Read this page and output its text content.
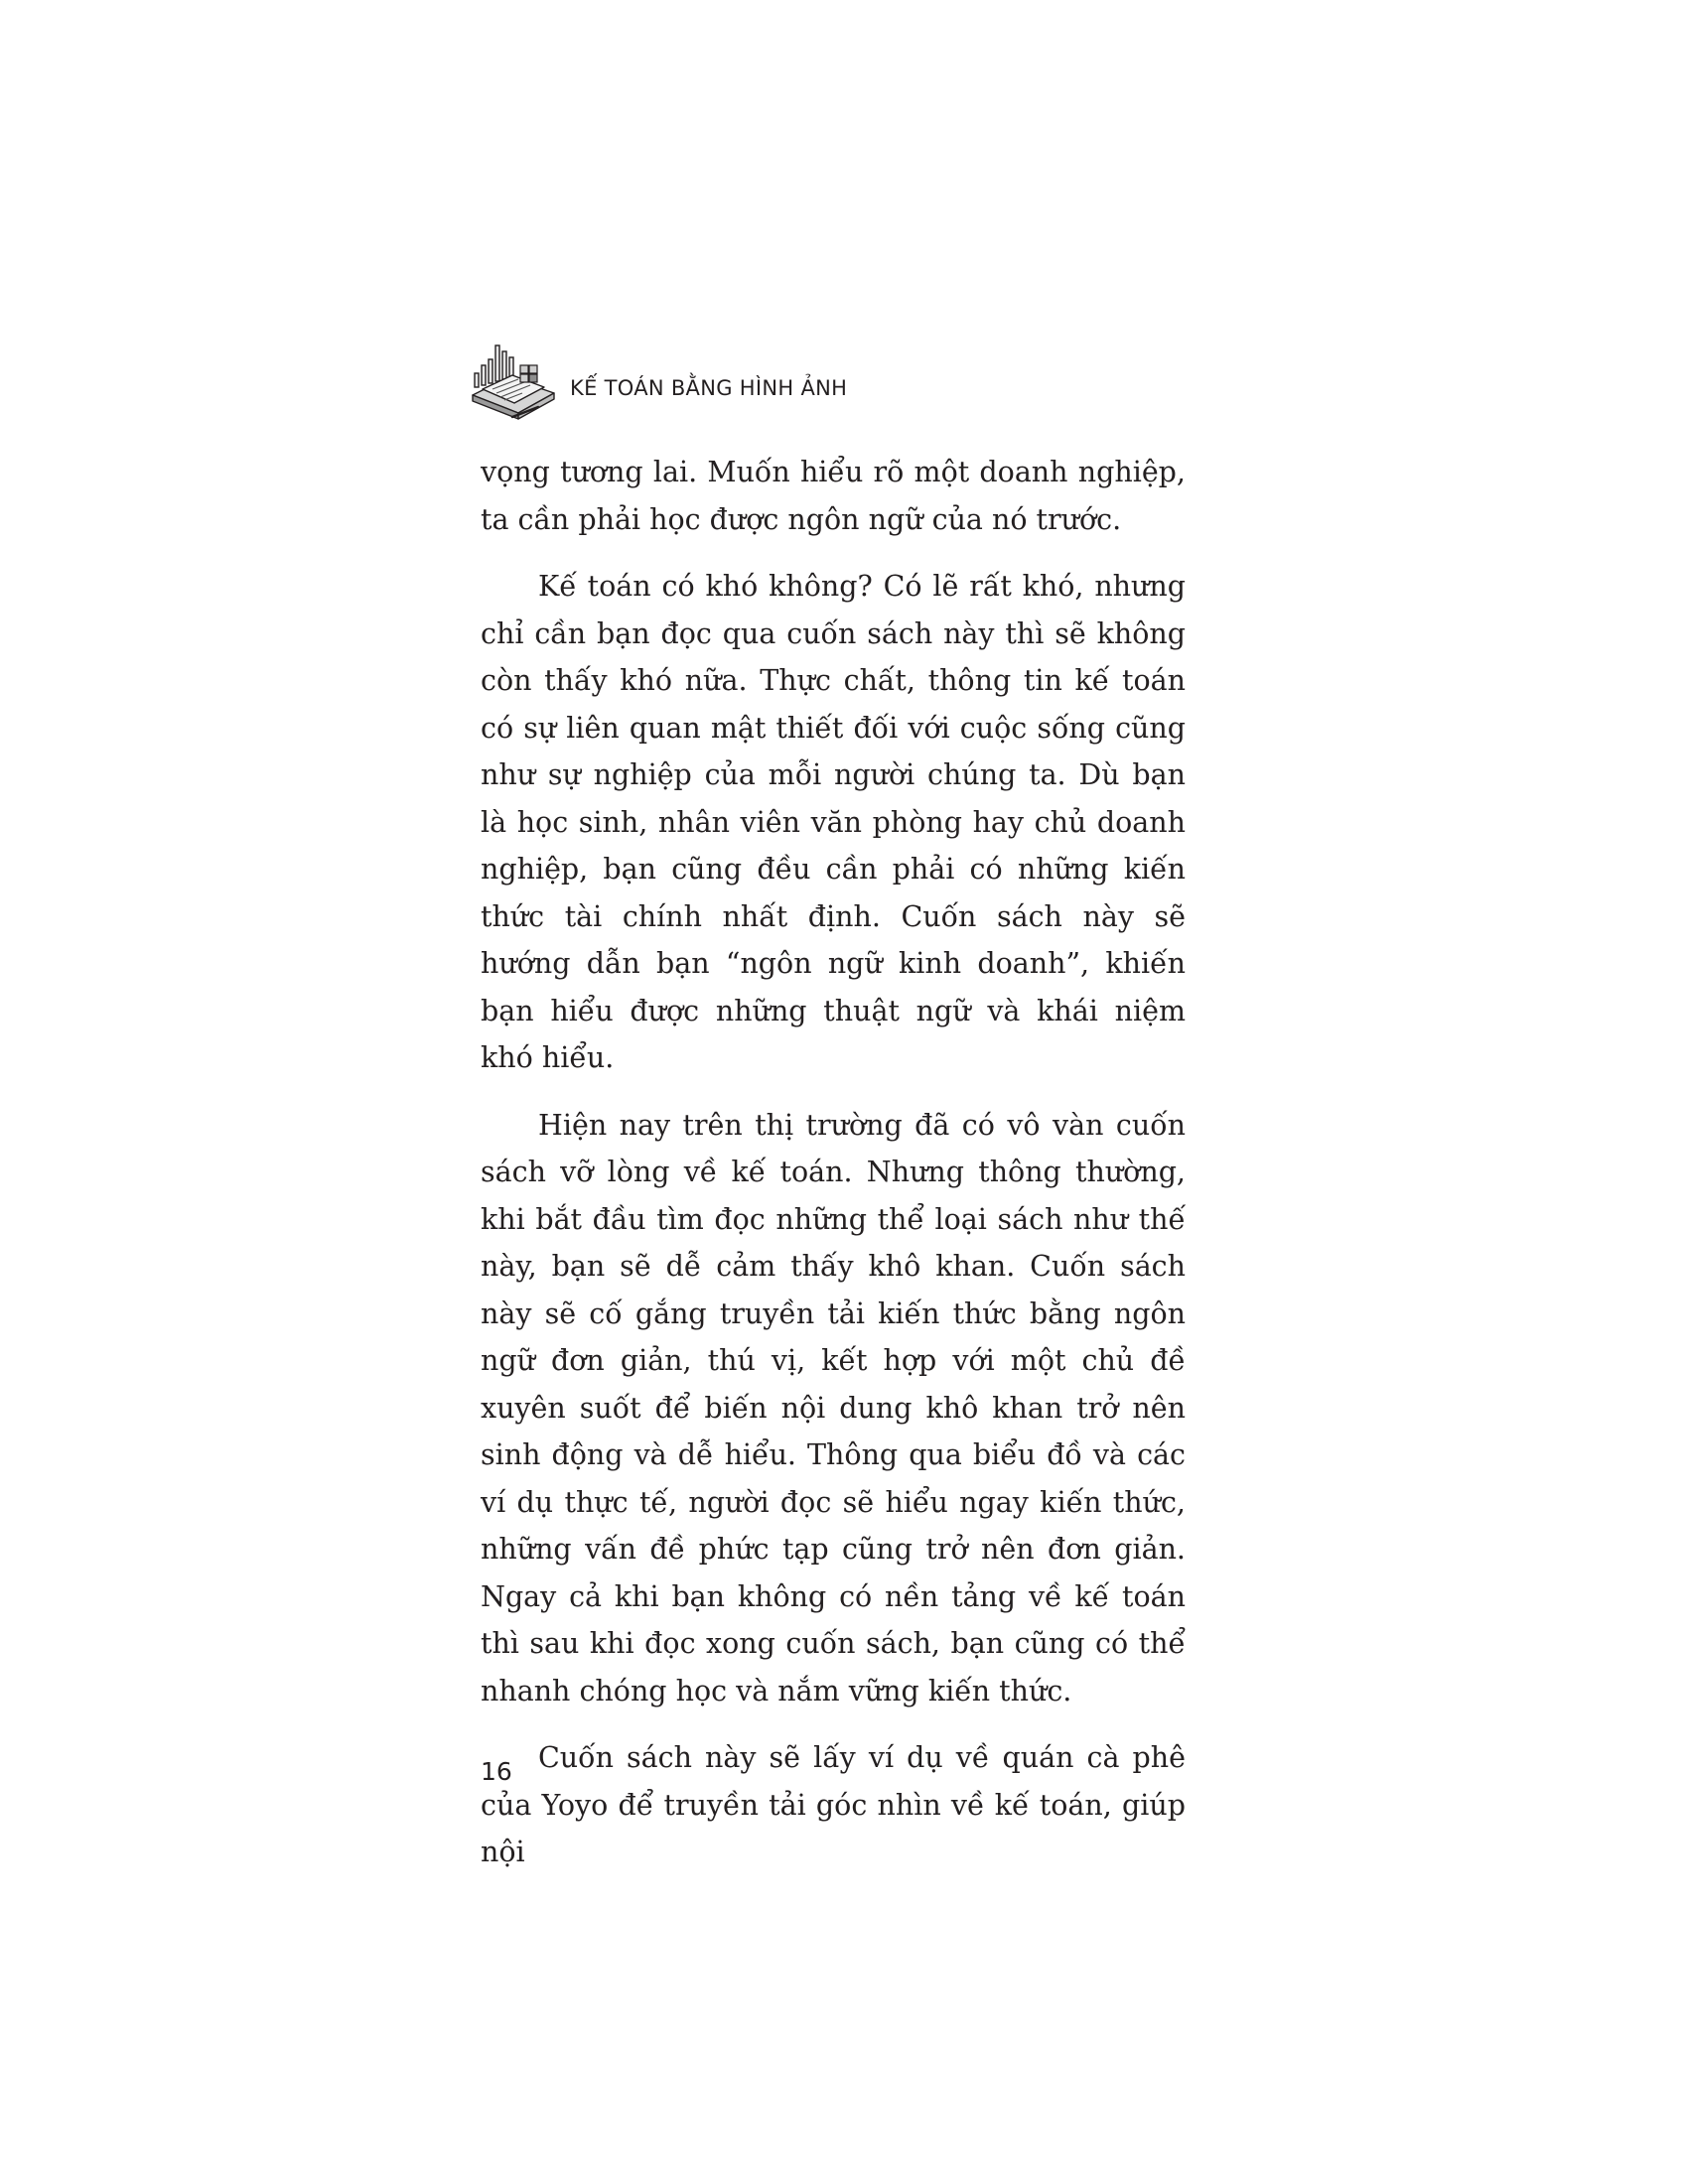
KẾ TOÁN BẰNG HÌNH ẢNH

vọng tương lai. Muốn hiểu rõ một doanh nghiệp, ta cần phải học được ngôn ngữ của nó trước.

Kế toán có khó không? Có lẽ rất khó, nhưng chỉ cần bạn đọc qua cuốn sách này thì sẽ không còn thấy khó nữa. Thực chất, thông tin kế toán có sự liên quan mật thiết đối với cuộc sống cũng như sự nghiệp của mỗi người chúng ta. Dù bạn là học sinh, nhân viên văn phòng hay chủ doanh nghiệp, bạn cũng đều cần phải có những kiến thức tài chính nhất định. Cuốn sách này sẽ hướng dẫn bạn “ngôn ngữ kinh doanh”, khiến bạn hiểu được những thuật ngữ và khái niệm khó hiểu.

Hiện nay trên thị trường đã có vô vàn cuốn sách vỡ lòng về kế toán. Nhưng thông thường, khi bắt đầu tìm đọc những thể loại sách như thế này, bạn sẽ dễ cảm thấy khô khan. Cuốn sách này sẽ cố gắng truyền tải kiến thức bằng ngôn ngữ đơn giản, thú vị, kết hợp với một chủ đề xuyên suốt để biến nội dung khô khan trở nên sinh động và dễ hiểu. Thông qua biểu đồ và các ví dụ thực tế, người đọc sẽ hiểu ngay kiến thức, những vấn đề phức tạp cũng trở nên đơn giản. Ngay cả khi bạn không có nền tảng về kế toán thì sau khi đọc xong cuốn sách, bạn cũng có thể nhanh chóng học và nắm vững kiến thức.

Cuốn sách này sẽ lấy ví dụ về quán cà phê của Yoyo để truyền tải góc nhìn về kế toán, giúp nội

16
